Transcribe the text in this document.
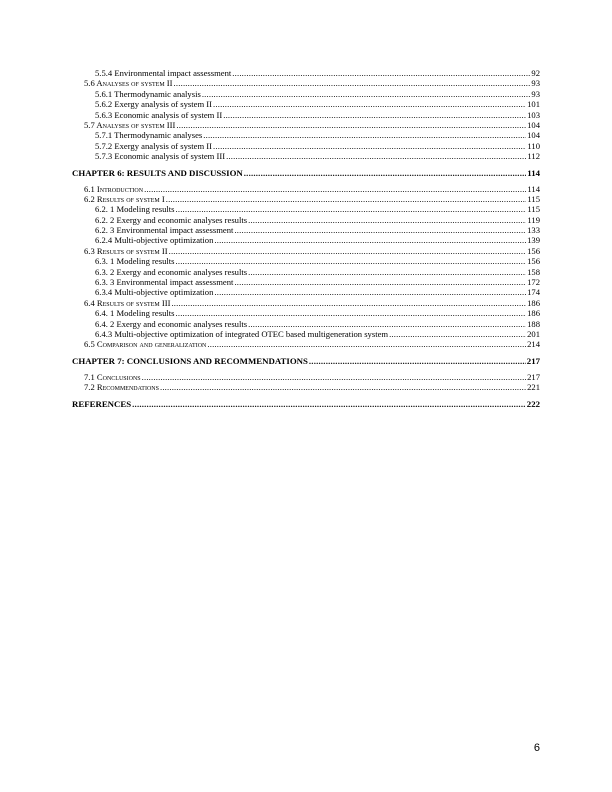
5.5.4 Environmental impact assessment .....	92
5.6 Analyses of system II .....	93
5.6.1 Thermodynamic analysis .....	93
5.6.2 Exergy analysis of system II .....	101
5.6.3 Economic analysis of system II .....	103
5.7 Analyses of system III .....	104
5.7.1 Thermodynamic analyses .....	104
5.7.2 Exergy analysis of system II .....	110
5.7.3 Economic analysis of system III .....	112
CHAPTER 6: RESULTS AND DISCUSSION .....	114
6.1 Introduction .....	114
6.2 Results of system I .....	115
6.2. 1 Modeling results .....	115
6.2. 2 Exergy and economic analyses results .....	119
6.2. 3 Environmental impact assessment .....	133
6.2.4 Multi-objective optimization .....	139
6.3 Results of system II .....	156
6.3. 1 Modeling results .....	156
6.3. 2 Exergy and economic analyses results .....	158
6.3. 3 Environmental impact assessment .....	172
6.3.4 Multi-objective optimization .....	174
6.4 Results of system III .....	186
6.4. 1 Modeling results .....	186
6.4. 2 Exergy and economic analyses results .....	188
6.4.3 Multi-objective optimization of integrated OTEC based multigeneration system .....	201
6.5 Comparison and generalization .....	214
CHAPTER 7: CONCLUSIONS AND RECOMMENDATIONS .....	217
7.1 Conclusions .....	217
7.2 Recommendations .....	221
REFERENCES .....	222
6
